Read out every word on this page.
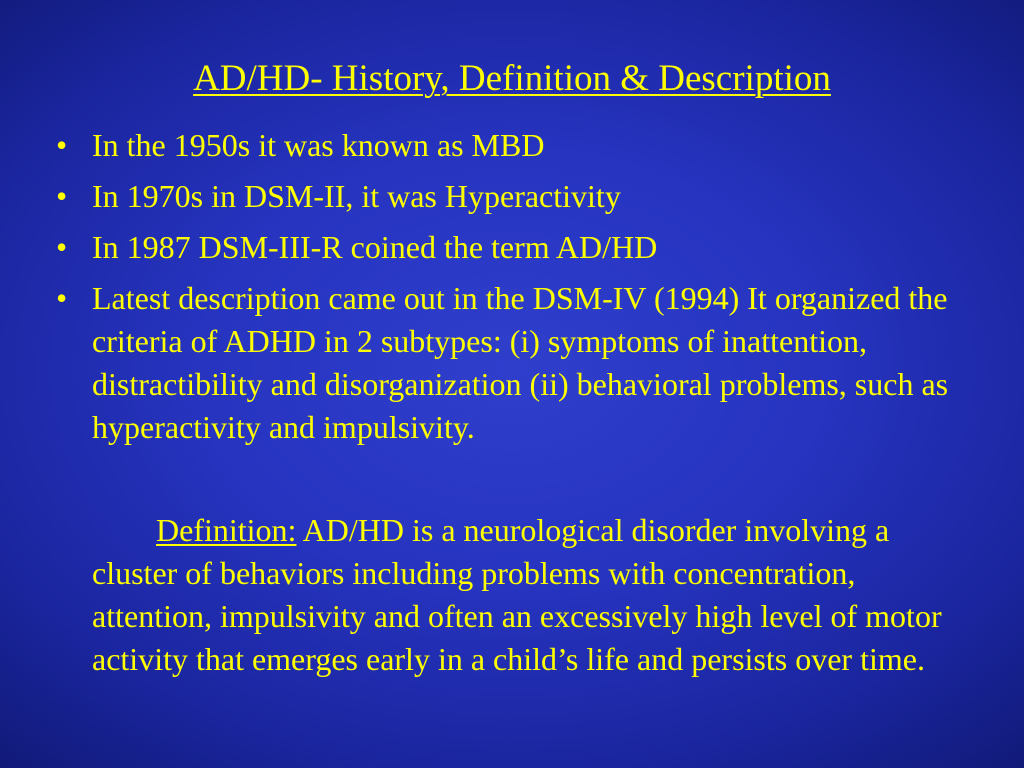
AD/HD- History, Definition & Description
• In the 1950s it was known as MBD
• In 1970s in DSM-II, it was Hyperactivity
• In 1987 DSM-III-R coined the term AD/HD
• Latest description came out in the DSM-IV (1994) It organized the criteria of ADHD in 2 subtypes: (i) symptoms of inattention, distractibility and disorganization (ii) behavioral problems, such as hyperactivity and impulsivity.

Definition: AD/HD is a neurological disorder involving a cluster of behaviors including problems with concentration, attention, impulsivity and often an excessively high level of motor activity that emerges early in a child’s life and persists over time.
